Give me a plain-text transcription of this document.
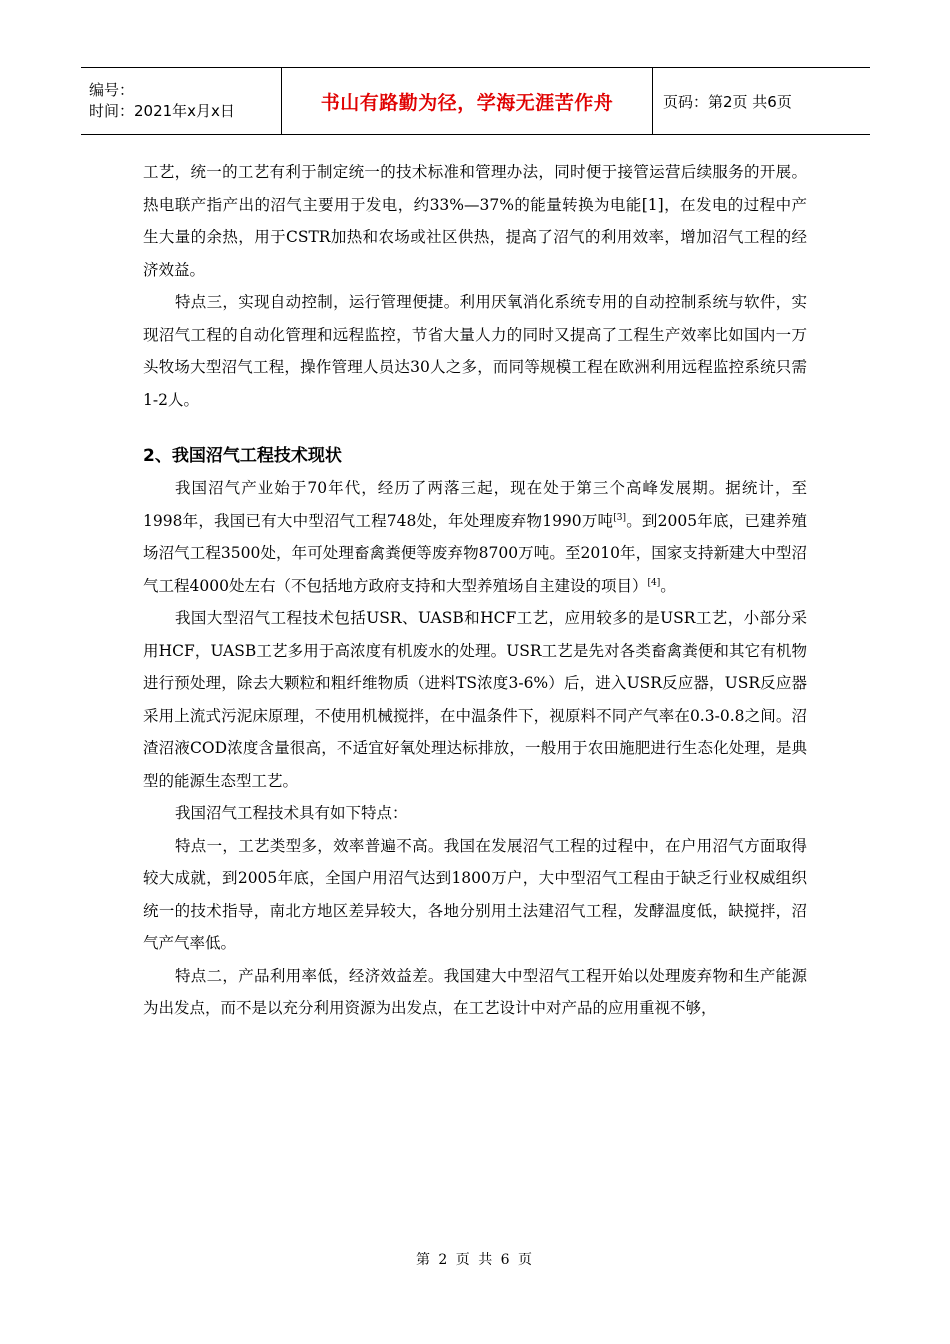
编号：
时间：2021年x月x日	书山有路勤为径，学海无涯苦作舟	页码：第2页 共6页

工艺，统一的工艺有利于制定统一的技术标准和管理办法，同时便于接管运营后续服务的开展。热电联产指产出的沼气主要用于发电，约33%—37%的能量转换为电能[1]，在发电的过程中产生大量的余热，用于CSTR加热和农场或社区供热，提高了沼气的利用效率，增加沼气工程的经济效益。

特点三，实现自动控制，运行管理便捷。利用厌氧消化系统专用的自动控制系统与软件，实现沼气工程的自动化管理和远程监控，节省大量人力的同时又提高了工程生产效率比如国内一万头牧场大型沼气工程，操作管理人员达30人之多，而同等规模工程在欧洲利用远程监控系统只需1-2人。

2、我国沼气工程技术现状

我国沼气产业始于70年代，经历了两落三起，现在处于第三个高峰发展期。据统计，至1998年，我国已有大中型沼气工程748处，年处理废弃物1990万吨[3]。到2005年底，已建养殖场沼气工程3500处，年可处理畜禽粪便等废弃物8700万吨。至2010年，国家支持新建大中型沼气工程4000处左右（不包括地方政府支持和大型养殖场自主建设的项目）[4]。

我国大型沼气工程技术包括USR、UASB和HCF工艺，应用较多的是USR工艺，小部分采用HCF，UASB工艺多用于高浓度有机废水的处理。USR工艺是先对各类畜禽粪便和其它有机物进行预处理，除去大颗粒和粗纤维物质（进料TS浓度3-6%）后，进入USR反应器，USR反应器采用上流式污泥床原理，不使用机械搅拌，在中温条件下，视原料不同产气率在0.3-0.8之间。沼渣沼液COD浓度含量很高，不适宜好氧处理达标排放，一般用于农田施肥进行生态化处理，是典型的能源生态型工艺。

我国沼气工程技术具有如下特点：

特点一，工艺类型多，效率普遍不高。我国在发展沼气工程的过程中，在户用沼气方面取得较大成就，到2005年底，全国户用沼气达到1800万户，大中型沼气工程由于缺乏行业权威组织统一的技术指导，南北方地区差异较大，各地分别用土法建沼气工程，发酵温度低，缺搅拌，沼气产气率低。

特点二，产品利用率低，经济效益差。我国建大中型沼气工程开始以处理废弃物和生产能源为出发点，而不是以充分利用资源为出发点，在工艺设计中对产品的应用重视不够，

第 2 页 共 6 页
